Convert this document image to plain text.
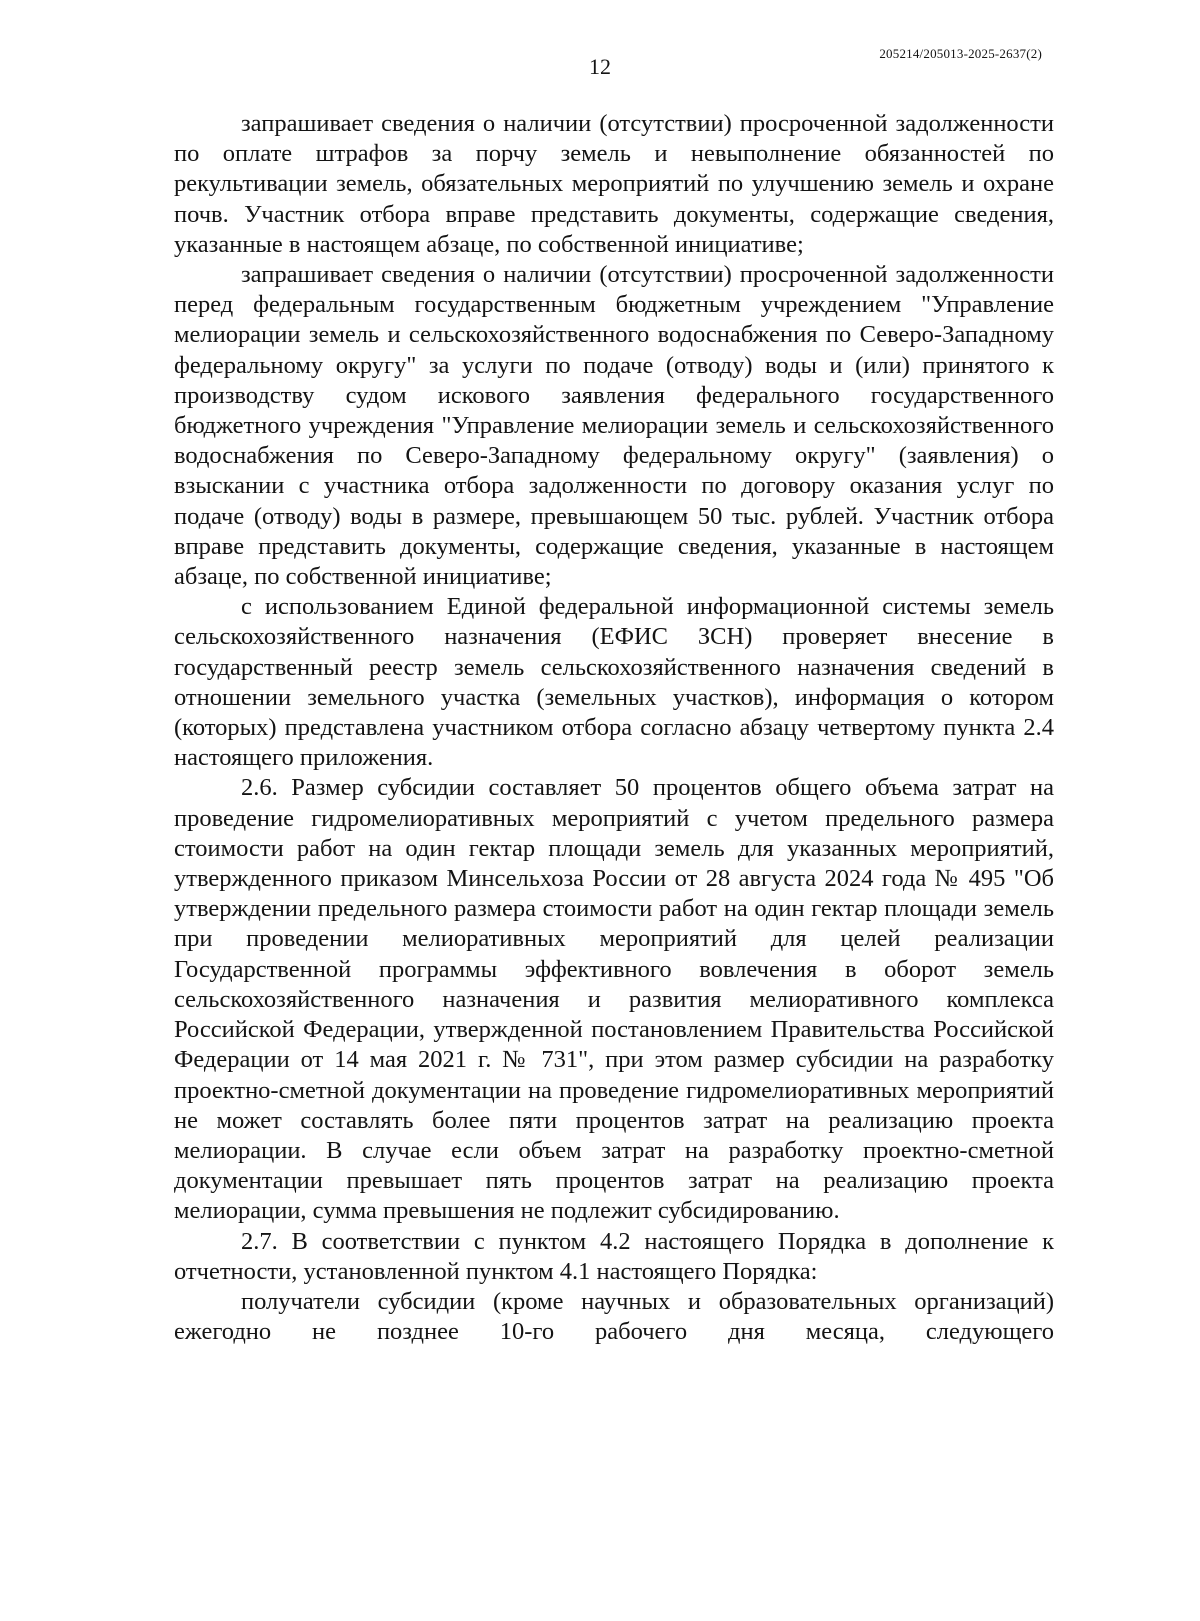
205214/205013-2025-2637(2)
12

запрашивает сведения о наличии (отсутствии) просроченной задолженности по оплате штрафов за порчу земель и невыполнение обязанностей по рекультивации земель, обязательных мероприятий по улучшению земель и охране почв. Участник отбора вправе представить документы, содержащие сведения, указанные в настоящем абзаце, по собственной инициативе;

запрашивает сведения о наличии (отсутствии) просроченной задолженности перед федеральным государственным бюджетным учреждением "Управление мелиорации земель и сельскохозяйственного водоснабжения по Северо-Западному федеральному округу" за услуги по подаче (отводу) воды и (или) принятого к производству судом искового заявления федерального государственного бюджетного учреждения "Управление мелиорации земель и сельскохозяйственного водоснабжения по Северо-Западному федеральному округу" (заявления) о взыскании с участника отбора задолженности по договору оказания услуг по подаче (отводу) воды в размере, превышающем 50 тыс. рублей. Участник отбора вправе представить документы, содержащие сведения, указанные в настоящем абзаце, по собственной инициативе;

с использованием Единой федеральной информационной системы земель сельскохозяйственного назначения (ЕФИС ЗСН) проверяет внесение в государственный реестр земель сельскохозяйственного назначения сведений в отношении земельного участка (земельных участков), информация о котором (которых) представлена участником отбора согласно абзацу четвертому пункта 2.4 настоящего приложения.

2.6. Размер субсидии составляет 50 процентов общего объема затрат на проведение гидромелиоративных мероприятий с учетом предельного размера стоимости работ на один гектар площади земель для указанных мероприятий, утвержденного приказом Минсельхоза России от 28 августа 2024 года № 495 "Об утверждении предельного размера стоимости работ на один гектар площади земель при проведении мелиоративных мероприятий для целей реализации Государственной программы эффективного вовлечения в оборот земель сельскохозяйственного назначения и развития мелиоративного комплекса Российской Федерации, утвержденной постановлением Правительства Российской Федерации от 14 мая 2021 г. № 731", при этом размер субсидии на разработку проектно-сметной документации на проведение гидромелиоративных мероприятий не может составлять более пяти процентов затрат на реализацию проекта мелиорации. В случае если объем затрат на разработку проектно-сметной документации превышает пять процентов затрат на реализацию проекта мелиорации, сумма превышения не подлежит субсидированию.

2.7. В соответствии с пунктом 4.2 настоящего Порядка в дополнение к отчетности, установленной пунктом 4.1 настоящего Порядка:

получатели субсидии (кроме научных и образовательных организаций) ежегодно не позднее 10-го рабочего дня месяца, следующего
